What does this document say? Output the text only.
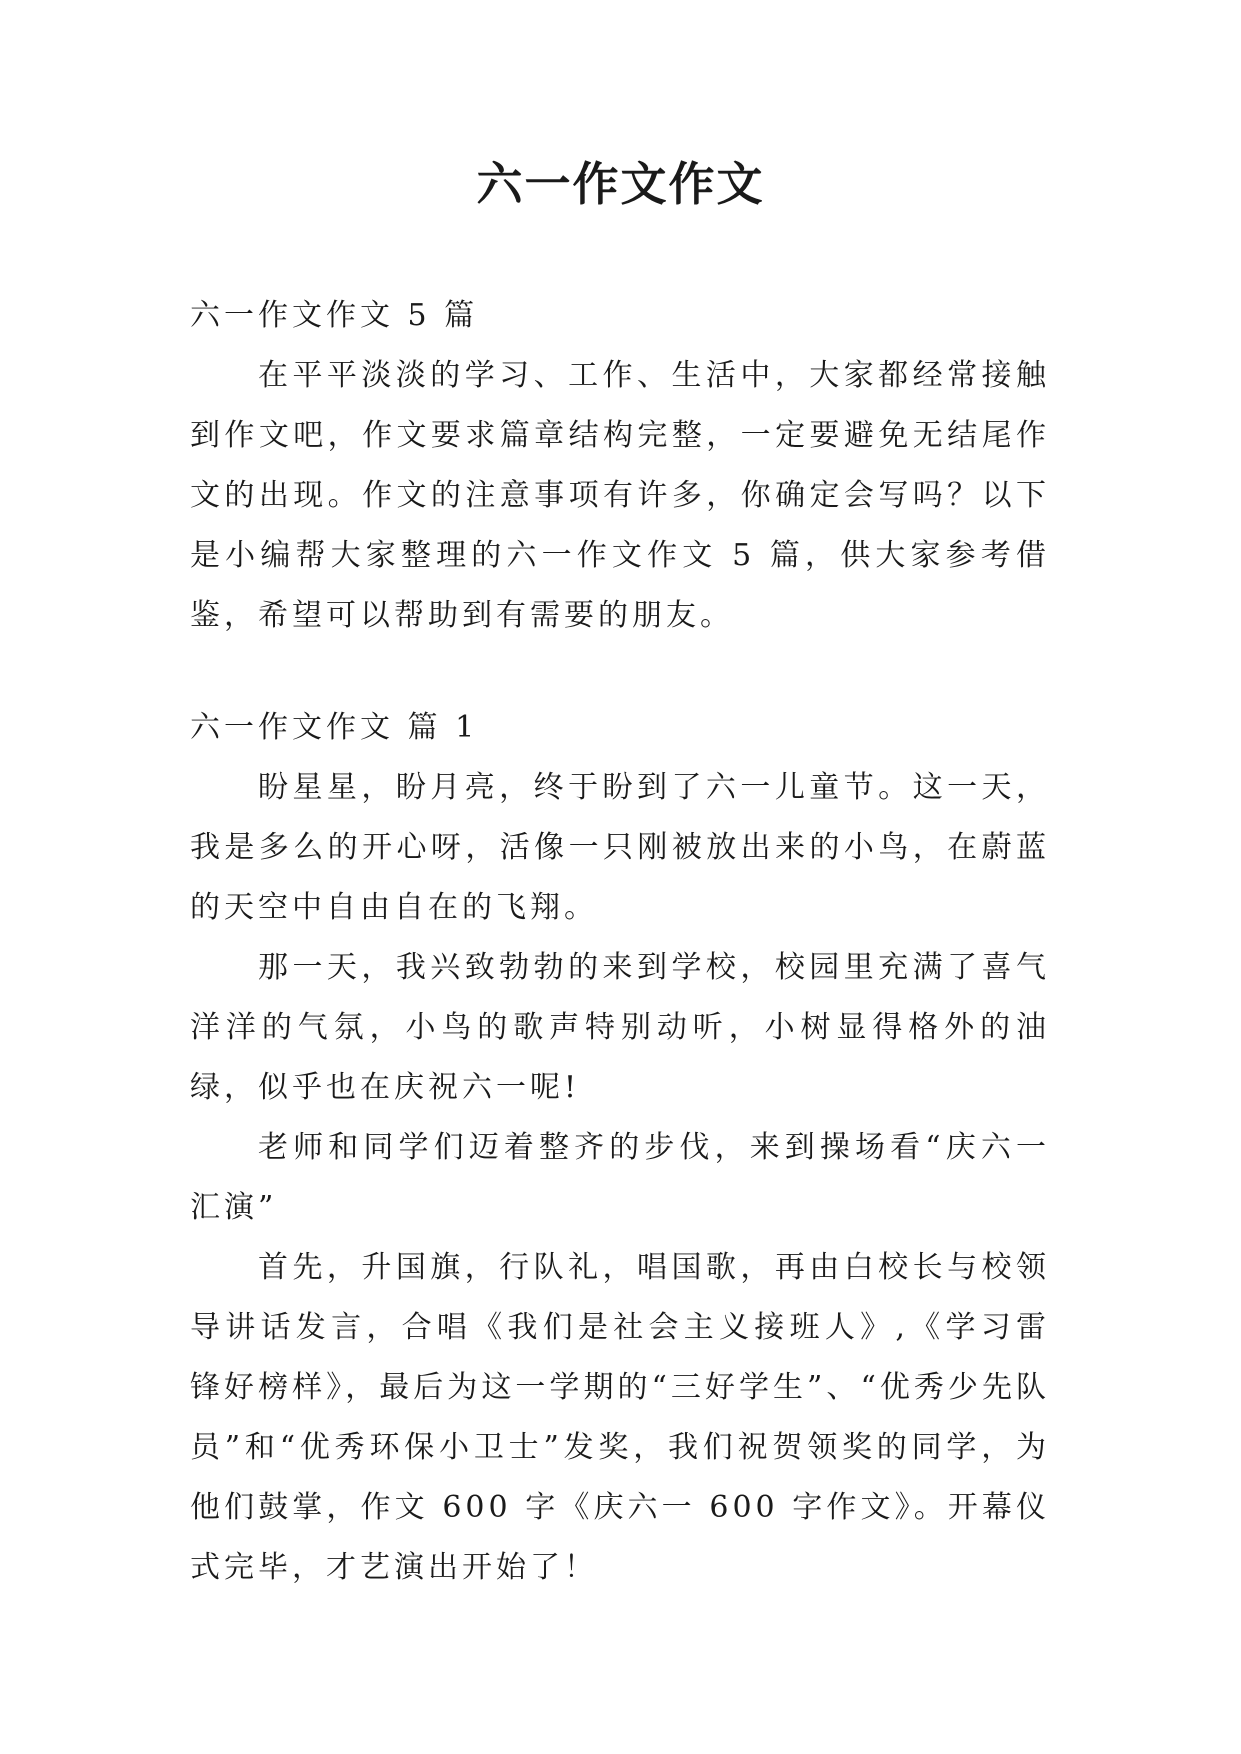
六一作文作文

六一作文作文 5 篇

在平平淡淡的学习、工作、生活中，大家都经常接触到作文吧，作文要求篇章结构完整，一定要避免无结尾作文的出现。作文的注意事项有许多，你确定会写吗？以下是小编帮大家整理的六一作文作文 5 篇，供大家参考借鉴，希望可以帮助到有需要的朋友。

六一作文作文 篇 1

盼星星，盼月亮，终于盼到了六一儿童节。这一天，我是多么的开心呀，活像一只刚被放出来的小鸟，在蔚蓝的天空中自由自在的飞翔。

那一天，我兴致勃勃的来到学校，校园里充满了喜气洋洋的气氛，小鸟的歌声特别动听，小树显得格外的油绿，似乎也在庆祝六一呢!

老师和同学们迈着整齐的步伐，来到操场看“庆六一汇演”

首先，升国旗，行队礼，唱国歌，再由白校长与校领导讲话发言，合唱《我们是社会主义接班人》,《学习雷锋好榜样》，最后为这一学期的“三好学生”、“优秀少先队员”和“优秀环保小卫士”发奖，我们祝贺领奖的同学，为他们鼓掌，作文 600 字《庆六一 600 字作文》。开幕仪式完毕，才艺演出开始了！
